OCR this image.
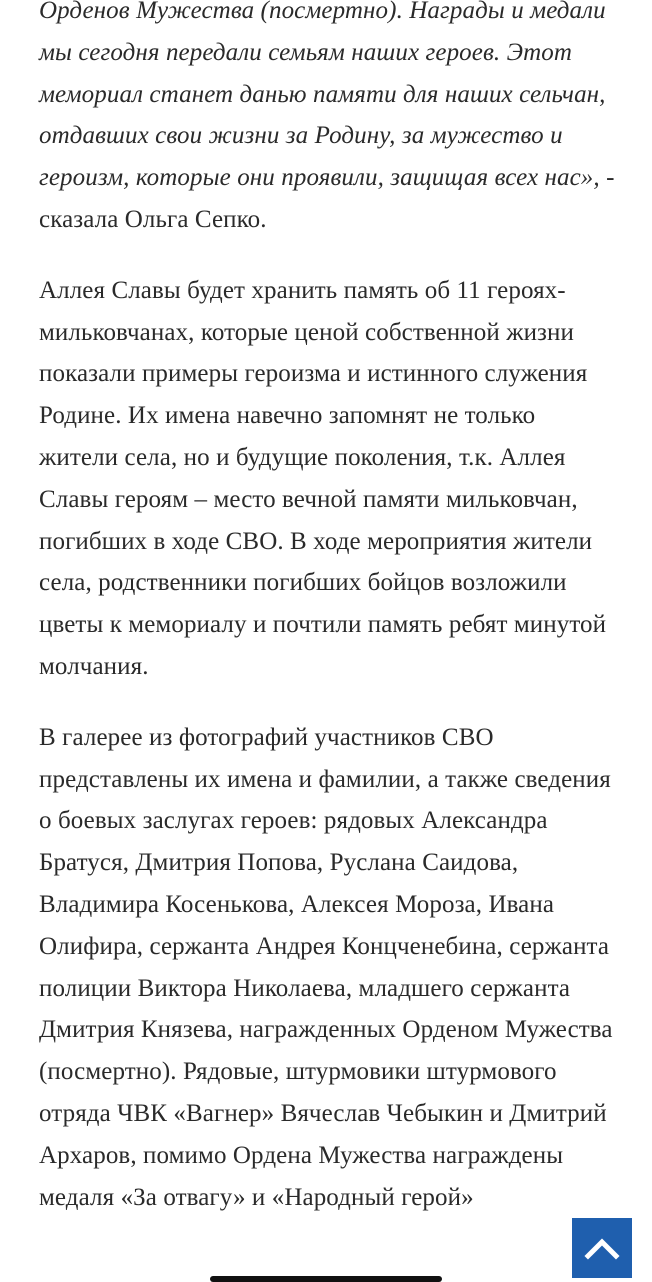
Орденов Мужества (посмертно). Награды и медали мы сегодня передали семьям наших героев. Этот мемориал станет данью памяти для наших сельчан, отдавших свои жизни за Родину, за мужество и героизм, которые они проявили, защищая всех нас», - сказала Ольга Сепко.

Аллея Славы будет хранить память об 11 героях-мильковчанах, которые ценой собственной жизни показали примеры героизма и истинного служения Родине. Их имена навечно запомнят не только жители села, но и будущие поколения, т.к. Аллея Славы героям – место вечной памяти мильковчан, погибших в ходе СВО. В ходе мероприятия жители села, родственники погибших бойцов возложили цветы к мемориалу и почтили память ребят минутой молчания.

В галерее из фотографий участников СВО представлены их имена и фамилии, а также сведения о боевых заслугах героев: рядовых Александра Братуся, Дмитрия Попова, Руслана Саидова, Владимира Косенькова, Алексея Мороза, Ивана Олифира, сержанта Андрея Концченебина, сержанта полиции Виктора Николаева, младшего сержанта Дмитрия Князева, награжденных Орденом Мужества (посмертно). Рядовые, штурмовики штурмового отряда ЧВК «Вагнер» Вячеслав Чебыкин и Дмитрий Архаров, помимо Ордена Мужества награждены медаля «За отвагу» и «Народный герой»
